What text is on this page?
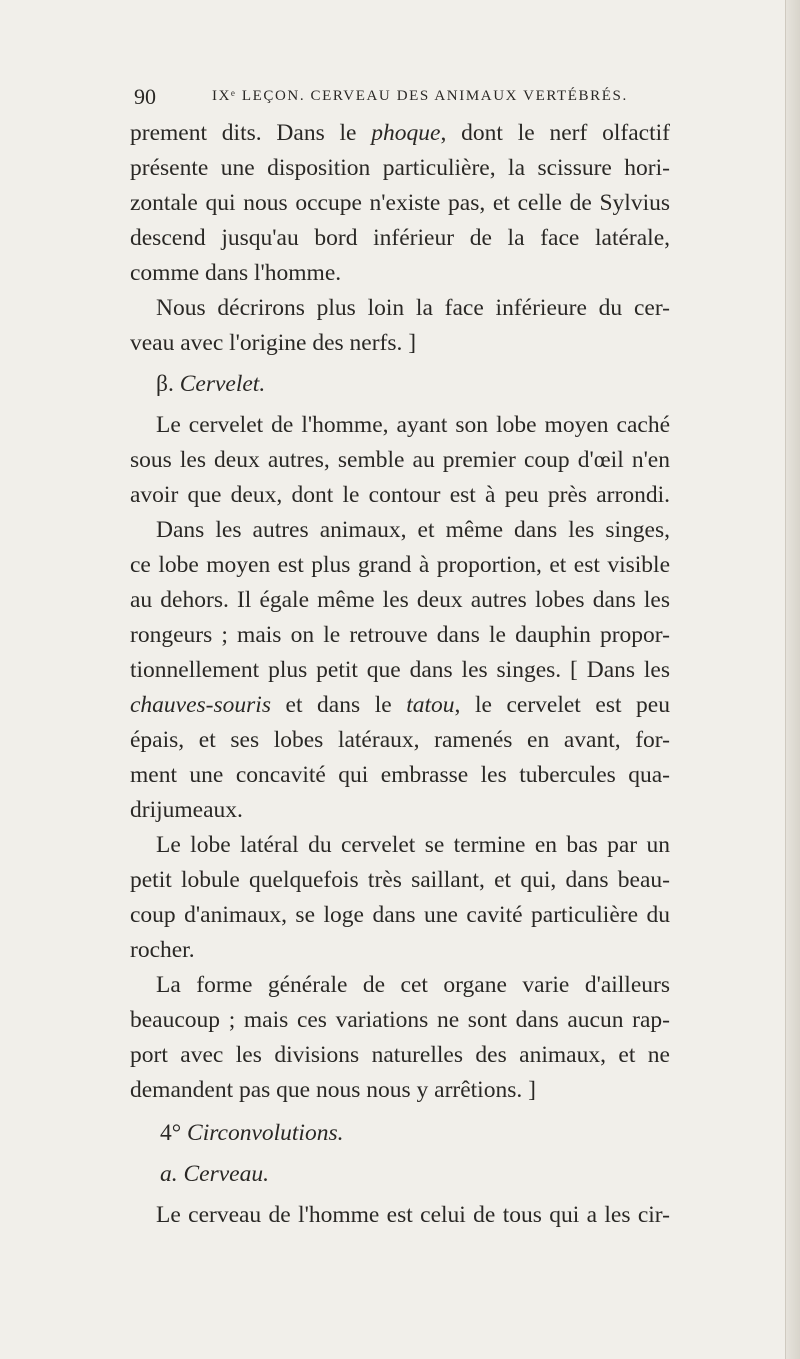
90	IXᵉ LEÇON. CERVEAU DES ANIMAUX VERTÉBRÉS.
prement dits. Dans le phoque, dont le nerf olfactif
présente une disposition particulière, la scissure hori-
zontale qui nous occupe n'existe pas, et celle de Sylvius
descend jusqu'au bord inférieur de la face latérale,
comme dans l'homme.
Nous décrirons plus loin la face inférieure du cer-
veau avec l'origine des nerfs. ]
β. Cervelet.
Le cervelet de l'homme, ayant son lobe moyen caché
sous les deux autres, semble au premier coup d'œil n'en
avoir que deux, dont le contour est à peu près arrondi.
Dans les autres animaux, et même dans les singes,
ce lobe moyen est plus grand à proportion, et est visible
au dehors. Il égale même les deux autres lobes dans les
rongeurs ; mais on le retrouve dans le dauphin propor-
tionnellement plus petit que dans les singes. [ Dans les
chauves-souris et dans le tatou, le cervelet est peu
épais, et ses lobes latéraux, ramenés en avant, for-
ment une concavité qui embrasse les tubercules qua-
drijumeaux.
Le lobe latéral du cervelet se termine en bas par un
petit lobule quelquefois très saillant, et qui, dans beau-
coup d'animaux, se loge dans une cavité particulière du
rocher.
La forme générale de cet organe varie d'ailleurs
beaucoup ; mais ces variations ne sont dans aucun rap-
port avec les divisions naturelles des animaux, et ne
demandent pas que nous nous y arrêtions. ]
4° Circonvolutions.
a. Cerveau.
Le cerveau de l'homme est celui de tous qui a les cir-
